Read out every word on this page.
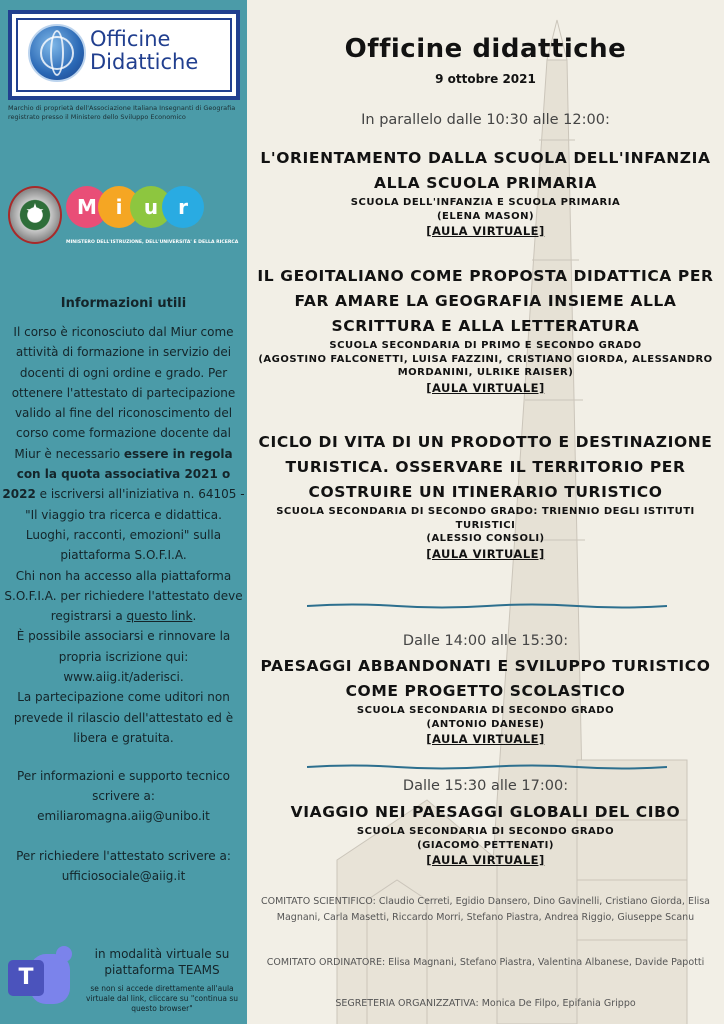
Officine
Didattiche
Marchio di proprietà dell'Associazione Italiana Insegnanti di Geografia registrato presso il Ministero dello Sviluppo Economico
★	M i u r
MINISTERO DELL'ISTRUZIONE, DELL'UNIVERSITA' E DELLA RICERCA
Informazioni utili

Il corso è riconosciuto dal Miur come attività di formazione in servizio dei docenti di ogni ordine e grado. Per ottenere l'attestato di partecipazione valido al fine del riconoscimento del corso come formazione docente dal Miur è necessario essere in regola con la quota associativa 2021 o 2022 e iscriversi all'iniziativa n. 64105 - "Il viaggio tra ricerca e didattica. Luoghi, racconti, emozioni" sulla piattaforma S.O.F.I.A.

Chi non ha accesso alla piattaforma S.O.F.I.A. per richiedere l'attestato deve registrarsi a questo link.

È possibile associarsi e rinnovare la propria iscrizione qui: www.aiig.it/aderisci.

La partecipazione come uditori non prevede il rilascio dell'attestato ed è libera e gratuita.

Per informazioni e supporto tecnico scrivere a:
emiliaromagna.aiig@unibo.it

Per richiedere l'attestato scrivere a:
ufficiosociale@aiig.it

T
in modalità virtuale su piattaforma TEAMS
se non si accede direttamente all'aula virtuale dal link, cliccare su "continua su questo browser"
Officine didattiche
9 ottobre 2021
In parallelo dalle 10:30 alle 12:00:
L'ORIENTAMENTO DALLA SCUOLA DELL'INFANZIA ALLA SCUOLA PRIMARIA
SCUOLA DELL'INFANZIA E SCUOLA PRIMARIA
(ELENA MASON)
[AULA VIRTUALE]
IL GEOITALIANO COME PROPOSTA DIDATTICA PER FAR AMARE LA GEOGRAFIA INSIEME ALLA SCRITTURA E ALLA LETTERATURA
SCUOLA SECONDARIA DI PRIMO E SECONDO GRADO
(AGOSTINO FALCONETTI, LUISA FAZZINI, CRISTIANO GIORDA, ALESSANDRO MORDANINI, ULRIKE RAISER)
[AULA VIRTUALE]
CICLO DI VITA DI UN PRODOTTO E DESTINAZIONE TURISTICA. OSSERVARE IL TERRITORIO PER COSTRUIRE UN ITINERARIO TURISTICO
SCUOLA SECONDARIA DI SECONDO GRADO: TRIENNIO DEGLI ISTITUTI TURISTICI
(ALESSIO CONSOLI)
[AULA VIRTUALE]
Dalle 14:00 alle 15:30:
PAESAGGI ABBANDONATI E SVILUPPO TURISTICO COME PROGETTO SCOLASTICO
SCUOLA SECONDARIA DI SECONDO GRADO
(ANTONIO DANESE)
[AULA VIRTUALE]
Dalle 15:30 alle 17:00:
VIAGGIO NEI PAESAGGI GLOBALI DEL CIBO
SCUOLA SECONDARIA DI SECONDO GRADO
(GIACOMO PETTENATI)
[AULA VIRTUALE]
COMITATO SCIENTIFICO: Claudio Cerreti, Egidio Dansero, Dino Gavinelli, Cristiano Giorda, Elisa Magnani, Carla Masetti, Riccardo Morri, Stefano Piastra, Andrea Riggio, Giuseppe Scanu
COMITATO ORDINATORE: Elisa Magnani, Stefano Piastra, Valentina Albanese, Davide Papotti
SEGRETERIA ORGANIZZATIVA: Monica De Filpo, Epifania Grippo
